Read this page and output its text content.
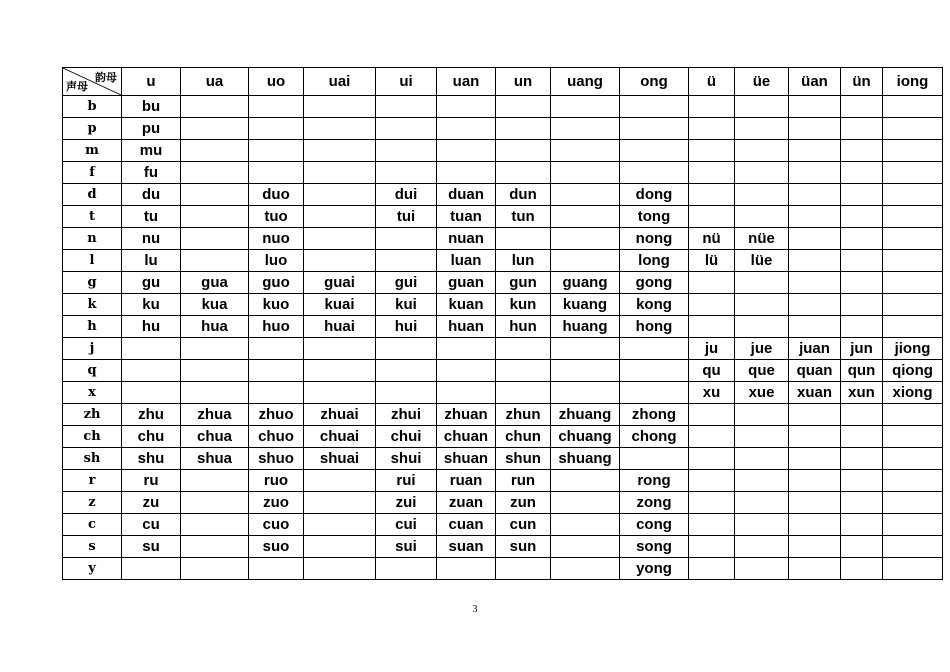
韵母
声母	u	ua	uo	uai	ui	uan	un	uang	ong	ü	üe	üan	ün	iong
b	bu													
p	pu													
m	mu													
f	fu													
d	du		duo		dui	duan	dun		dong					
t	tu		tuo		tui	tuan	tun		tong					
n	nu		nuo			nuan			nong	nü	nüe			
l	lu		luo			luan	lun		long	lü	lüe			
g	gu	gua	guo	guai	gui	guan	gun	guang	gong					
k	ku	kua	kuo	kuai	kui	kuan	kun	kuang	kong					
h	hu	hua	huo	huai	hui	huan	hun	huang	hong					
j										ju	jue	juan	jun	jiong
q										qu	que	quan	qun	qiong
x										xu	xue	xuan	xun	xiong
zh	zhu	zhua	zhuo	zhuai	zhui	zhuan	zhun	zhuang	zhong					
ch	chu	chua	chuo	chuai	chui	chuan	chun	chuang	chong					
sh	shu	shua	shuo	shuai	shui	shuan	shun	shuang						
r	ru		ruo		rui	ruan	run		rong					
z	zu		zuo		zui	zuan	zun		zong					
c	cu		cuo		cui	cuan	cun		cong					
s	su		suo		sui	suan	sun		song					
y									yong					
3
